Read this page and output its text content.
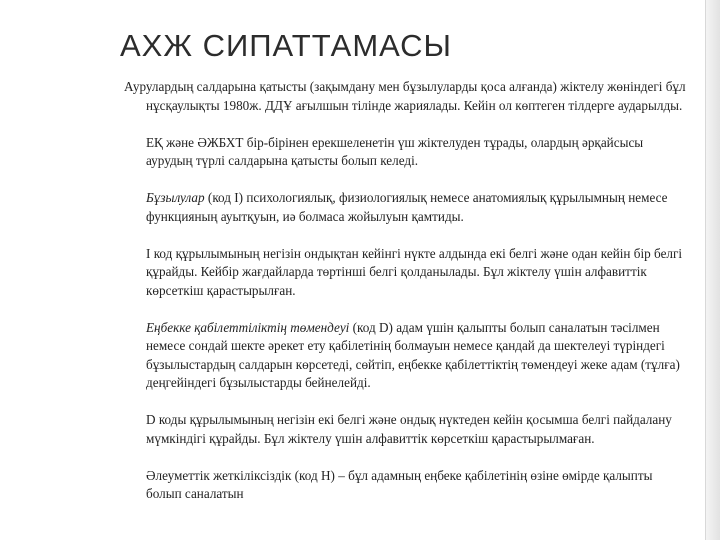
АХЖ СИПАТТАМАСЫ

Аурулардың салдарына қатысты (зақымдану мен бұзылуларды қоса алғанда) жіктелу жөніндегі бұл нұсқаулықты 1980ж. ДДҰ ағылшын тілінде жариялады. Кейін ол көптеген тілдерге аударылды.

ЕҚ және ӘЖБХТ бір-бірінен ерекшеленетін үш жіктелуден тұрады, олардың әрқайсысы аурудың түрлі салдарына қатысты болып келеді.

Бұзылулар (код I) психологиялық, физиологиялық немесе анатомиялық құрылымның немесе функцияның ауытқуын, иә болмаса жойылуын қамтиды.

I код құрылымының негізін ондықтан кейінгі нүкте алдында екі белгі және одан кейін бір белгі құрайды. Кейбір жағдайларда төртінші белгі қолданылады. Бұл жіктелу үшін алфавиттік көрсеткіш қарастырылған.

Еңбекке қабілеттіліктің төмендеуі (код D) адам үшін қалыпты болып саналатын тәсілмен немесе сондай шекте әрекет ету қабілетінің болмауын немесе қандай да шектелеуі түріндегі бұзылыстардың салдарын көрсетеді, сөйтіп, еңбекке қабілеттіктің төмендеуі жеке адам (тұлға) деңгейіндегі бұзылыстарды бейнелейді.

D коды құрылымының негізін екі белгі және ондық нүктеден кейін қосымша белгі пайдалану мүмкіндігі құрайды. Бұл жіктелу үшін алфавиттік көрсеткіш қарастырылмаған.

Әлеуметтік жеткіліксіздік (код Н) – бұл адамның еңбеке қабілетінің өзіне өмірде қалыпты болып саналатын
